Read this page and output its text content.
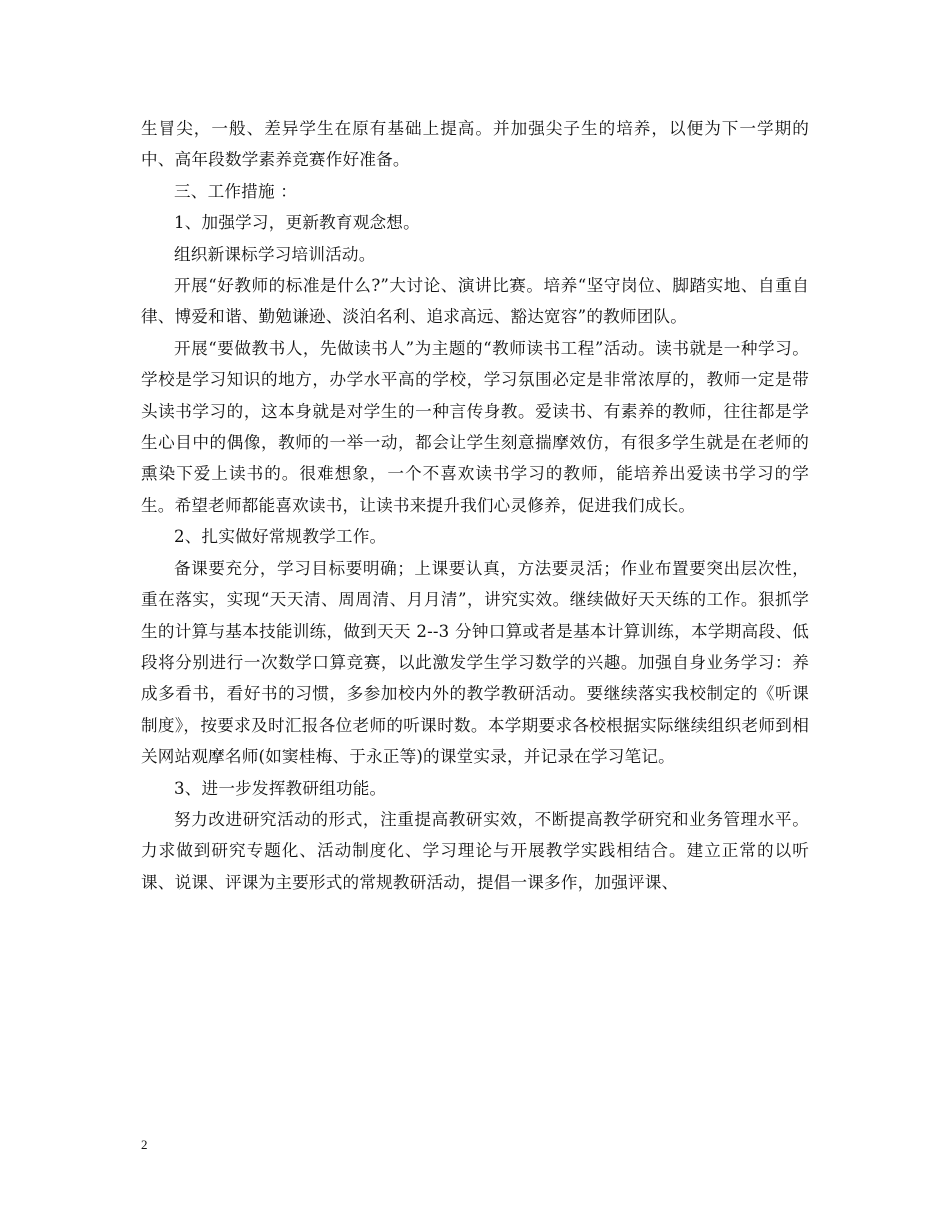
生冒尖，一般、差异学生在原有基础上提高。并加强尖子生的培养，以便为下一学期的中、高年段数学素养竞赛作好准备。

三、工作措施 ：

1、加强学习，更新教育观念想。

组织新课标学习培训活动。

开展“好教师的标准是什么?”大讨论、演讲比赛。培养“坚守岗位、脚踏实地、自重自律、博爱和谐、勤勉谦逊、淡泊名利、追求高远、豁达宽容”的教师团队。

开展“要做教书人，先做读书人”为主题的“教师读书工程”活动。读书就是一种学习。学校是学习知识的地方，办学水平高的学校，学习氛围必定是非常浓厚的，教师一定是带头读书学习的，这本身就是对学生的一种言传身教。爱读书、有素养的教师，往往都是学生心目中的偶像，教师的一举一动，都会让学生刻意揣摩效仿，有很多学生就是在老师的熏染下爱上读书的。很难想象，一个不喜欢读书学习的教师，能培养出爱读书学习的学生。希望老师都能喜欢读书，让读书来提升我们心灵修养，促进我们成长。

2、扎实做好常规教学工作。

备课要充分，学习目标要明确；上课要认真，方法要灵活；作业布置要突出层次性，重在落实，实现“天天清、周周清、月月清”，讲究实效。继续做好天天练的工作。狠抓学生的计算与基本技能训练，做到天天 2--3 分钟口算或者是基本计算训练，本学期高段、低段将分别进行一次数学口算竞赛，以此激发学生学习数学的兴趣。加强自身业务学习：养成多看书，看好书的习惯，多参加校内外的教学教研活动。要继续落实我校制定的《听课制度》，按要求及时汇报各位老师的听课时数。本学期要求各校根据实际继续组织老师到相关网站观摩名师(如窦桂梅、于永正等)的课堂实录，并记录在学习笔记。

3、进一步发挥教研组功能。

努力改进研究活动的形式，注重提高教研实效，不断提高教学研究和业务管理水平。力求做到研究专题化、活动制度化、学习理论与开展教学实践相结合。建立正常的以听课、说课、评课为主要形式的常规教研活动，提倡一课多作，加强评课、

2
